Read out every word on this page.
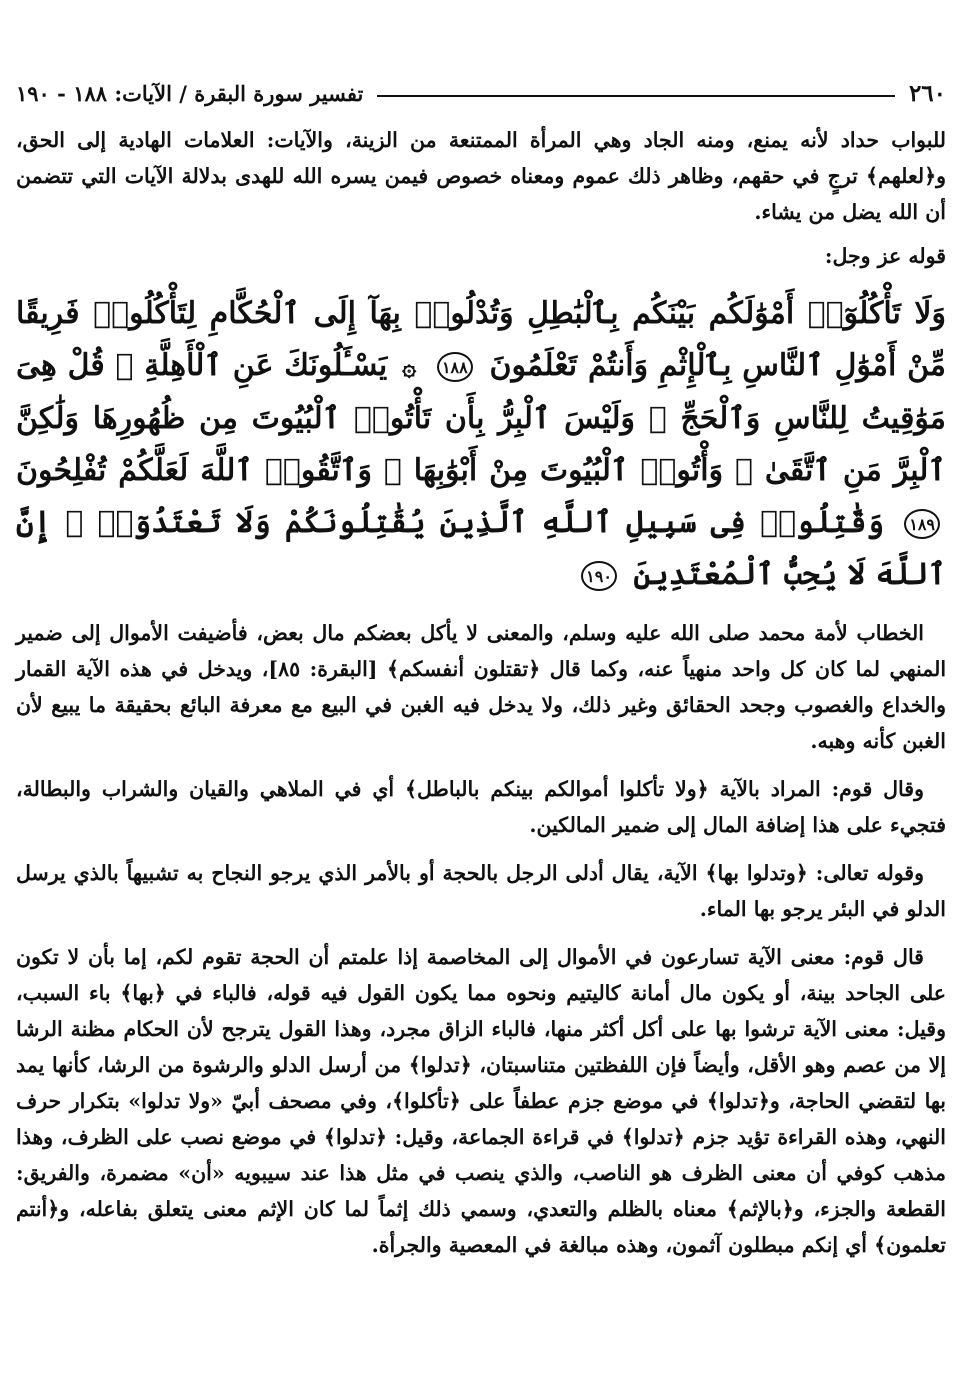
٢٦٠
تفسير سورة البقرة / الآيات: ١٨٨ - ١٩٠

للبواب حداد لأنه يمنع، ومنه الجاد وهي المرأة الممتنعة من الزينة، والآيات: العلامات الهادية إلى الحق، و﴿لعلهم﴾ ترجٍ في حقهم، وظاهر ذلك عموم ومعناه خصوص فيمن يسره الله للهدى بدلالة الآيات التي تتضمن أن الله يضل من يشاء.

قوله عز وجل:
وَلَا تَأْكُلُوٓا۟ أَمْوَٰلَكُم بَيْنَكُم بِٱلْبَٰطِلِ وَتُدْلُوا۟ بِهَآ إِلَى ٱلْحُكَّامِ لِتَأْكُلُوا۟ فَرِيقًا مِّنْ أَمْوَٰلِ ٱلنَّاسِ بِٱلْإِثْمِ وَأَنتُمْ تَعْلَمُونَ ١٨٨ ۞ يَسْـَٔلُونَكَ عَنِ ٱلْأَهِلَّةِ ۖ قُلْ هِىَ مَوَٰقِيتُ لِلنَّاسِ وَٱلْحَجِّ ۗ وَلَيْسَ ٱلْبِرُّ بِأَن تَأْتُوا۟ ٱلْبُيُوتَ مِن ظُهُورِهَا وَلَٰكِنَّ ٱلْبِرَّ مَنِ ٱتَّقَىٰ ۗ وَأْتُوا۟ ٱلْبُيُوتَ مِنْ أَبْوَٰبِهَا ۚ وَٱتَّقُوا۟ ٱللَّهَ لَعَلَّكُمْ تُفْلِحُونَ ١٨٩ وَقَٰتِلُوا۟ فِى سَبِيلِ ٱللَّهِ ٱلَّذِينَ يُقَٰتِلُونَكُمْ وَلَا تَعْتَدُوٓا۟ ۚ إِنَّ ٱللَّهَ لَا يُحِبُّ ٱلْمُعْتَدِينَ ١٩٠

الخطاب لأمة محمد صلى الله عليه وسلم، والمعنى لا يأكل بعضكم مال بعض، فأضيفت الأموال إلى ضمير المنهي لما كان كل واحد منهياً عنه، وكما قال ﴿تقتلون أنفسكم﴾ [البقرة: ٨٥]، ويدخل في هذه الآية القمار والخداع والغصوب وجحد الحقائق وغير ذلك، ولا يدخل فيه الغبن في البيع مع معرفة البائع بحقيقة ما يبيع لأن الغبن كأنه وهبه.

وقال قوم: المراد بالآية ﴿ولا تأكلوا أموالكم بينكم بالباطل﴾ أي في الملاهي والقيان والشراب والبطالة، فتجيء على هذا إضافة المال إلى ضمير المالكين.

وقوله تعالى: ﴿وتدلوا بها﴾ الآية، يقال أدلى الرجل بالحجة أو بالأمر الذي يرجو النجاح به تشبيهاً بالذي يرسل الدلو في البئر يرجو بها الماء.

قال قوم: معنى الآية تسارعون في الأموال إلى المخاصمة إذا علمتم أن الحجة تقوم لكم، إما بأن لا تكون على الجاحد بينة، أو يكون مال أمانة كاليتيم ونحوه مما يكون القول فيه قوله، فالباء في ﴿بها﴾ باء السبب، وقيل: معنى الآية ترشوا بها على أكل أكثر منها، فالباء الزاق مجرد، وهذا القول يترجح لأن الحكام مظنة الرشا إلا من عصم وهو الأقل، وأيضاً فإن اللفظتين متناسبتان، ﴿تدلوا﴾ من أرسل الدلو والرشوة من الرشا، كأنها يمد بها لتقضي الحاجة، و﴿تدلوا﴾ في موضع جزم عطفاً على ﴿تأكلوا﴾، وفي مصحف أبيّ «ولا تدلوا» بتكرار حرف النهي، وهذه القراءة تؤيد جزم ﴿تدلوا﴾ في قراءة الجماعة، وقيل: ﴿تدلوا﴾ في موضع نصب على الظرف، وهذا مذهب كوفي أن معنى الظرف هو الناصب، والذي ينصب في مثل هذا عند سيبويه «أن» مضمرة، والفريق: القطعة والجزء، و﴿بالإثم﴾ معناه بالظلم والتعدي، وسمي ذلك إثماً لما كان الإثم معنى يتعلق بفاعله، و﴿أنتم تعلمون﴾ أي إنكم مبطلون آثمون، وهذه مبالغة في المعصية والجرأة.
